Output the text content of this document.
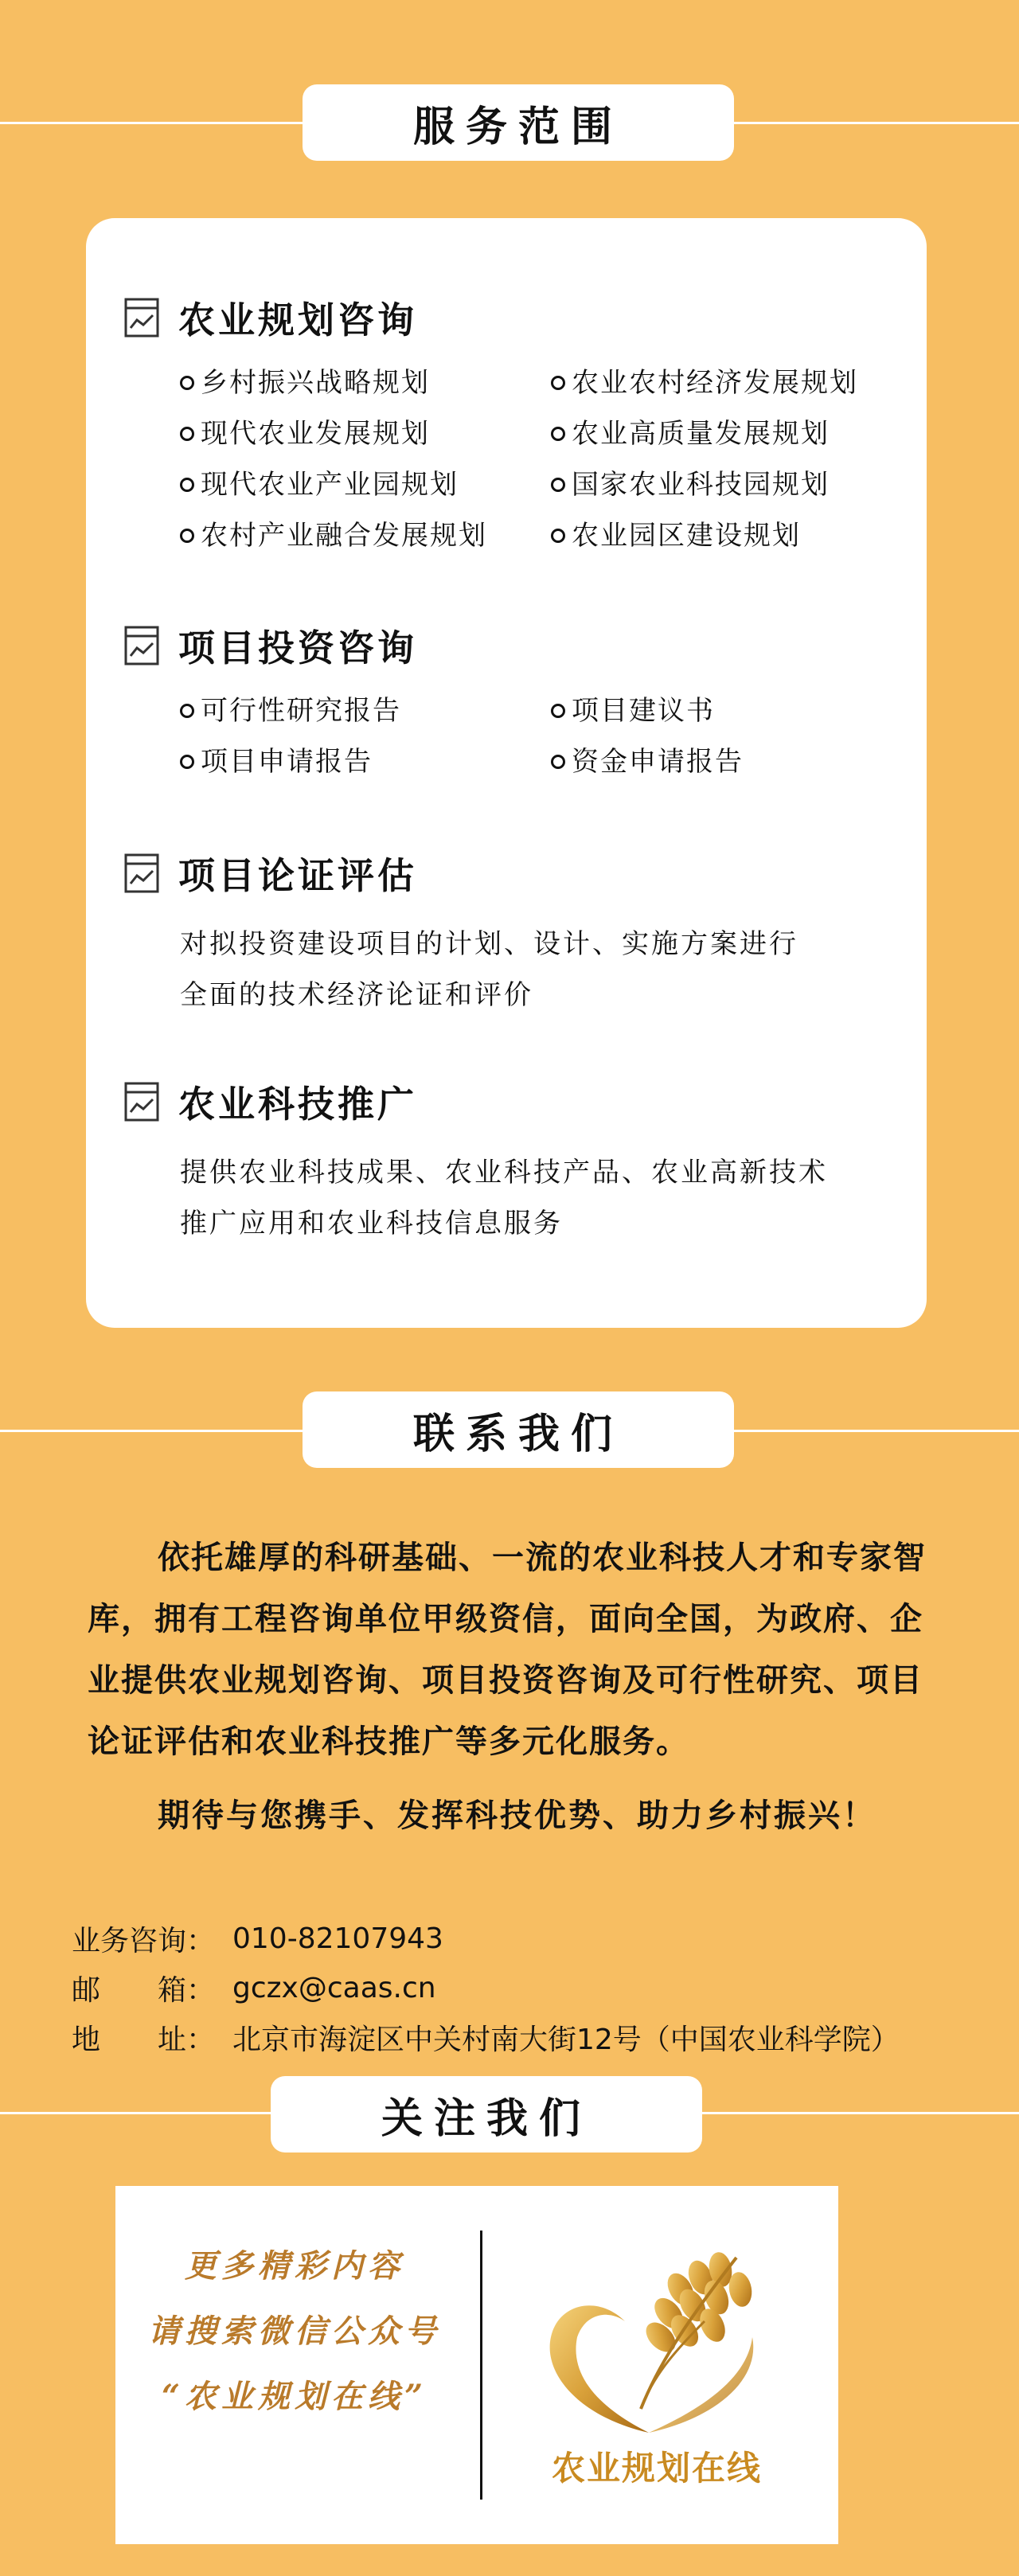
服务范围
农业规划咨询
乡村振兴战略规划	农业农村经济发展规划
现代农业发展规划	农业高质量发展规划
现代农业产业园规划	国家农业科技园规划
农村产业融合发展规划	农业园区建设规划
项目投资咨询
可行性研究报告	项目建议书
项目申请报告	资金申请报告
项目论证评估
对拟投资建设项目的计划、设计、实施方案进行
全面的技术经济论证和评价
农业科技推广
提供农业科技成果、农业科技产品、农业高新技术
推广应用和农业科技信息服务
联系我们
依托雄厚的科研基础、一流的农业科技人才和专家智库，拥有工程咨询单位甲级资信，面向全国，为政府、企业提供农业规划咨询、项目投资咨询及可行性研究、项目论证评估和农业科技推广等多元化服务。
期待与您携手、发挥科技优势、助力乡村振兴！
业务咨询： 010-82107943
邮　　箱： gczx@caas.cn
地　　址： 北京市海淀区中关村南大街12号（中国农业科学院）
关注我们
更多精彩内容
请搜索微信公众号
“农业规划在线”
农业规划在线
